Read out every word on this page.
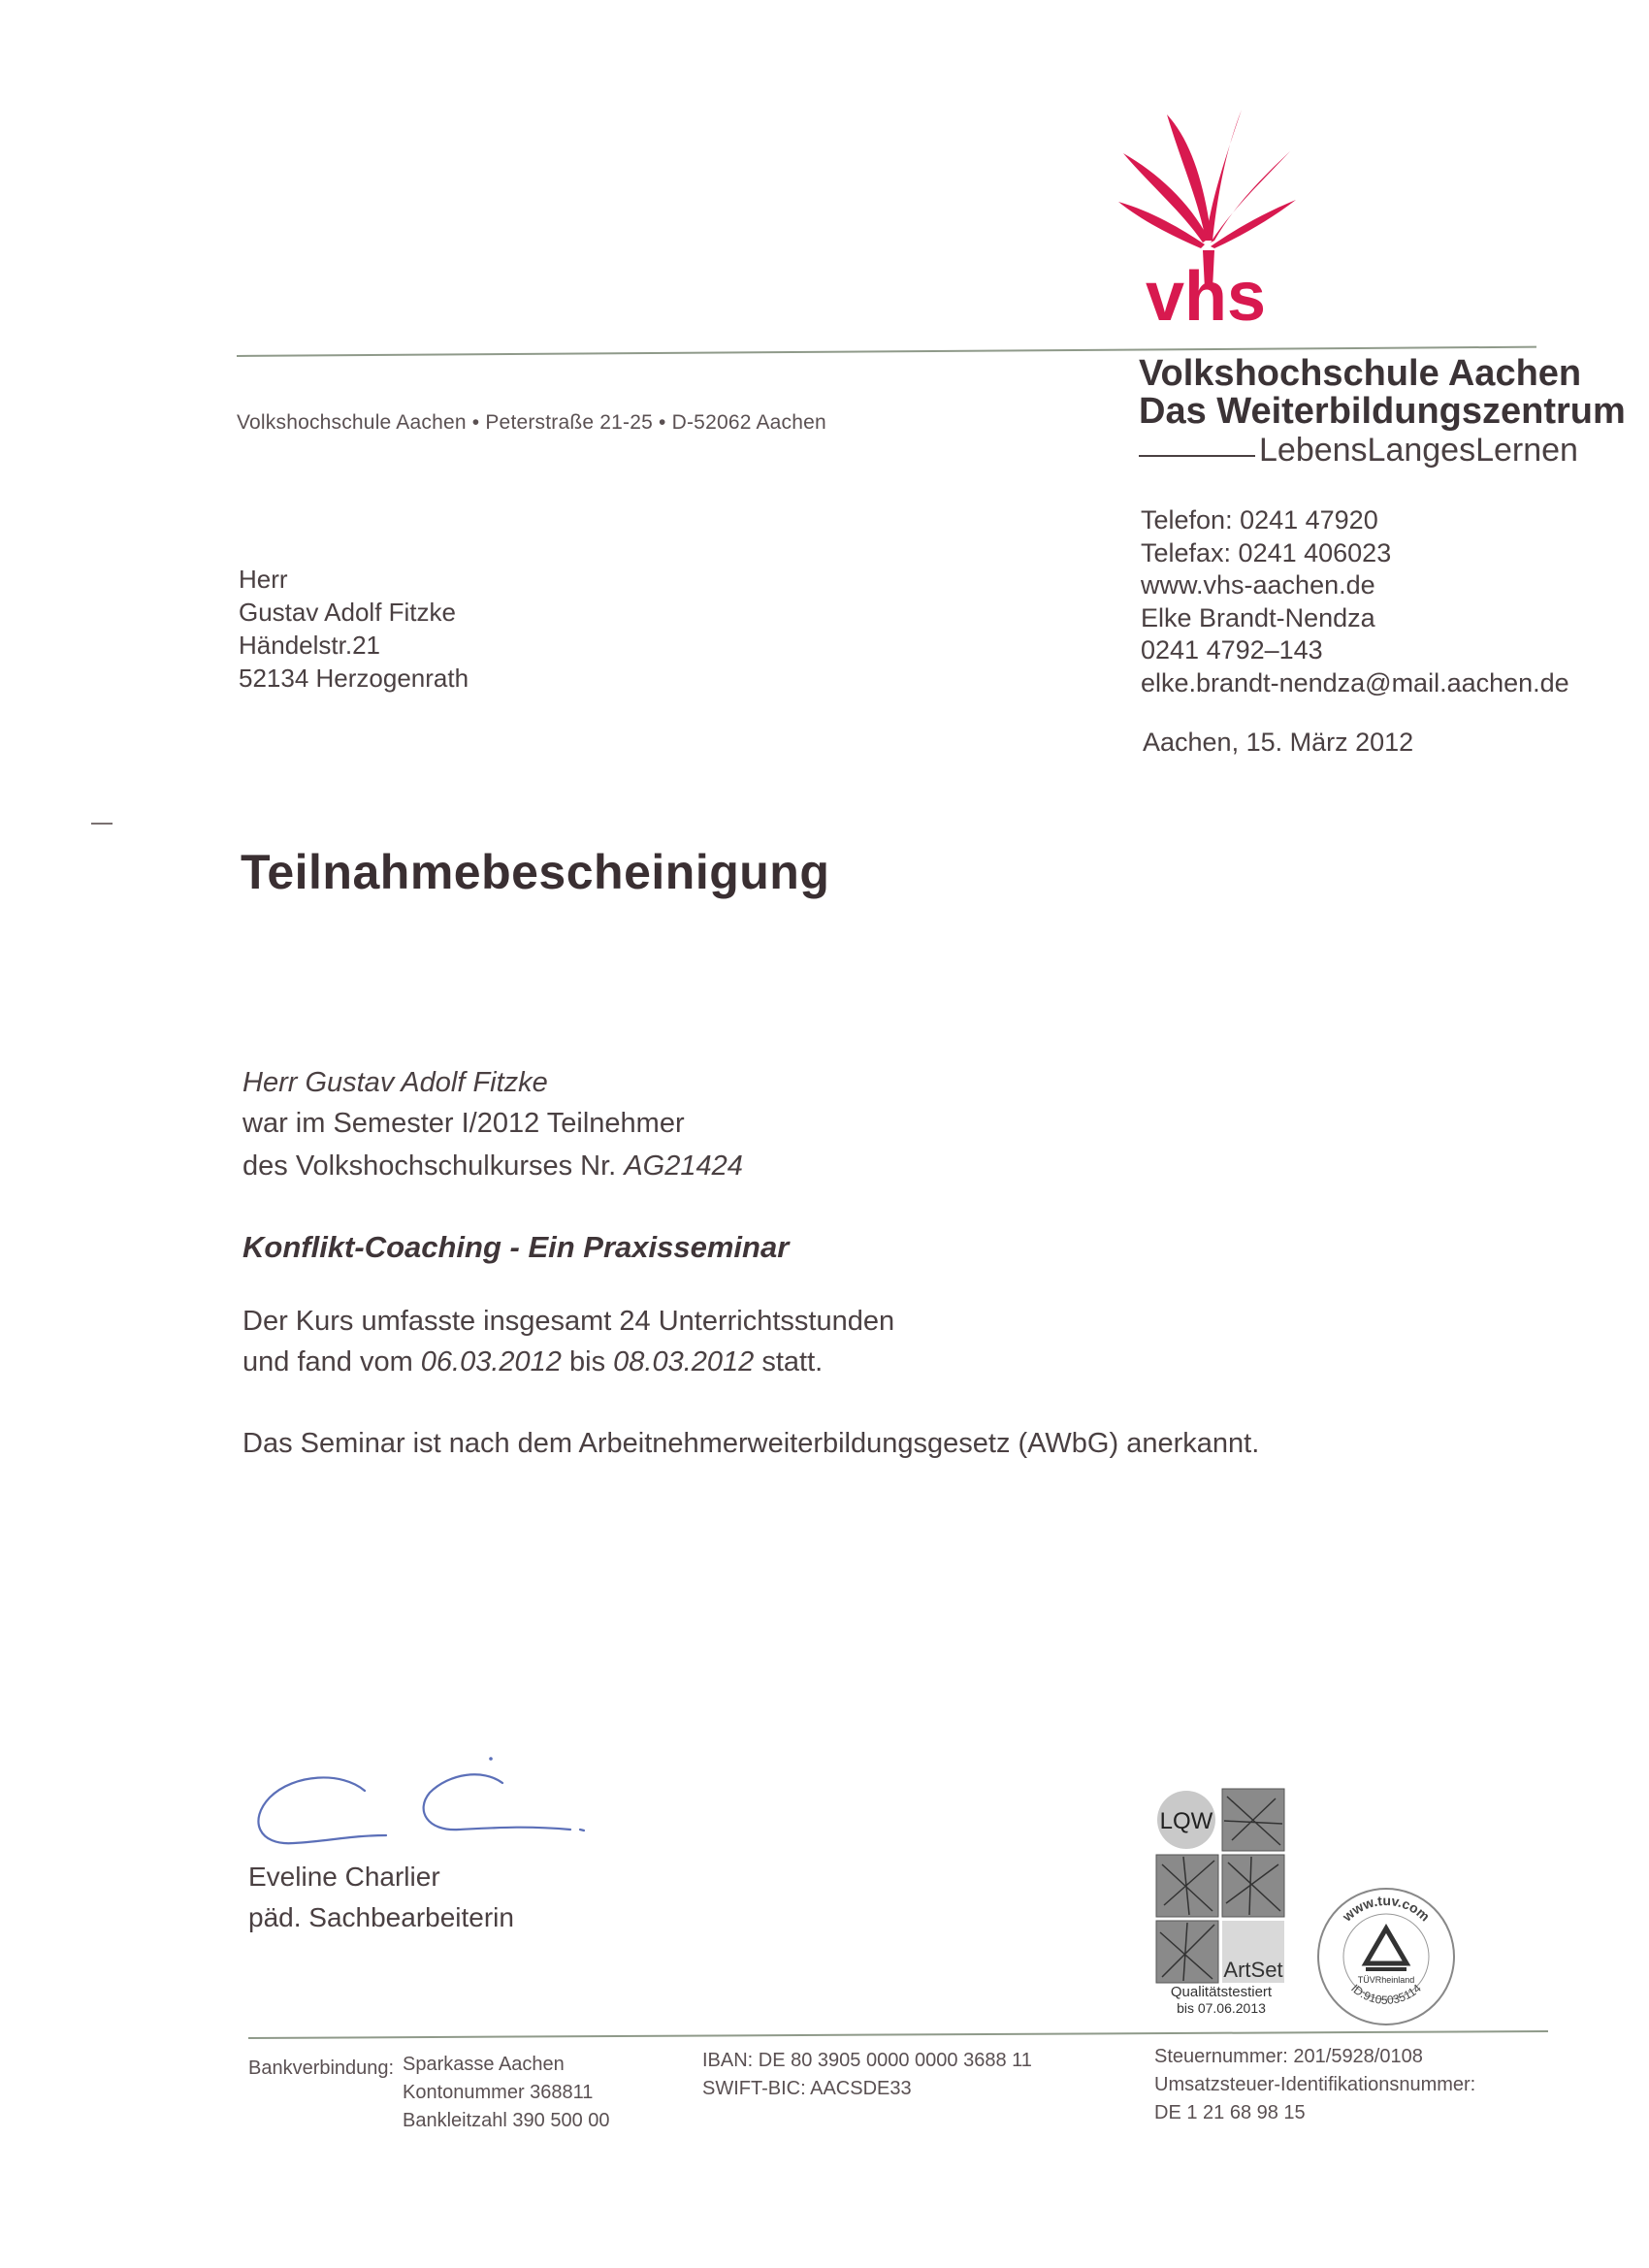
vhs
Volkshochschule Aachen • Peterstraße 21-25 • D-52062 Aachen
Volkshochschule Aachen
Das Weiterbildungszentrum
LebensLangesLernen
Telefon: 0241 47920
Telefax: 0241 406023
www.vhs-aachen.de
Elke Brandt-Nendza
0241 4792–143
elke.brandt-nendza@mail.aachen.de
Aachen, 15. März 2012
Herr
Gustav Adolf Fitzke
Händelstr.21
52134 Herzogenrath
Teilnahmebescheinigung
Herr Gustav Adolf Fitzke
war im Semester I/2012 Teilnehmer
des Volkshochschulkurses Nr. AG21424
Konflikt-Coaching - Ein Praxisseminar
Der Kurs umfasste insgesamt 24 Unterrichtsstunden
und fand vom 06.03.2012 bis 08.03.2012 statt.
Das Seminar ist nach dem Arbeitnehmerweiterbildungsgesetz (AWbG) anerkannt.
Eveline Charlier
päd. Sachbearbeiterin
LQW
ArtSet
Qualitätstestiert
bis 07.06.2013
www.tuv.com
ID:9105035114
TÜVRheinland
Bankverbindung: Sparkasse Aachen
Kontonummer 368811
Bankleitzahl 390 500 00
IBAN: DE 80 3905 0000 0000 3688 11
SWIFT-BIC: AACSDE33
Steuernummer: 201/5928/0108
Umsatzsteuer-Identifikationsnummer:
DE 1 21 68 98 15
